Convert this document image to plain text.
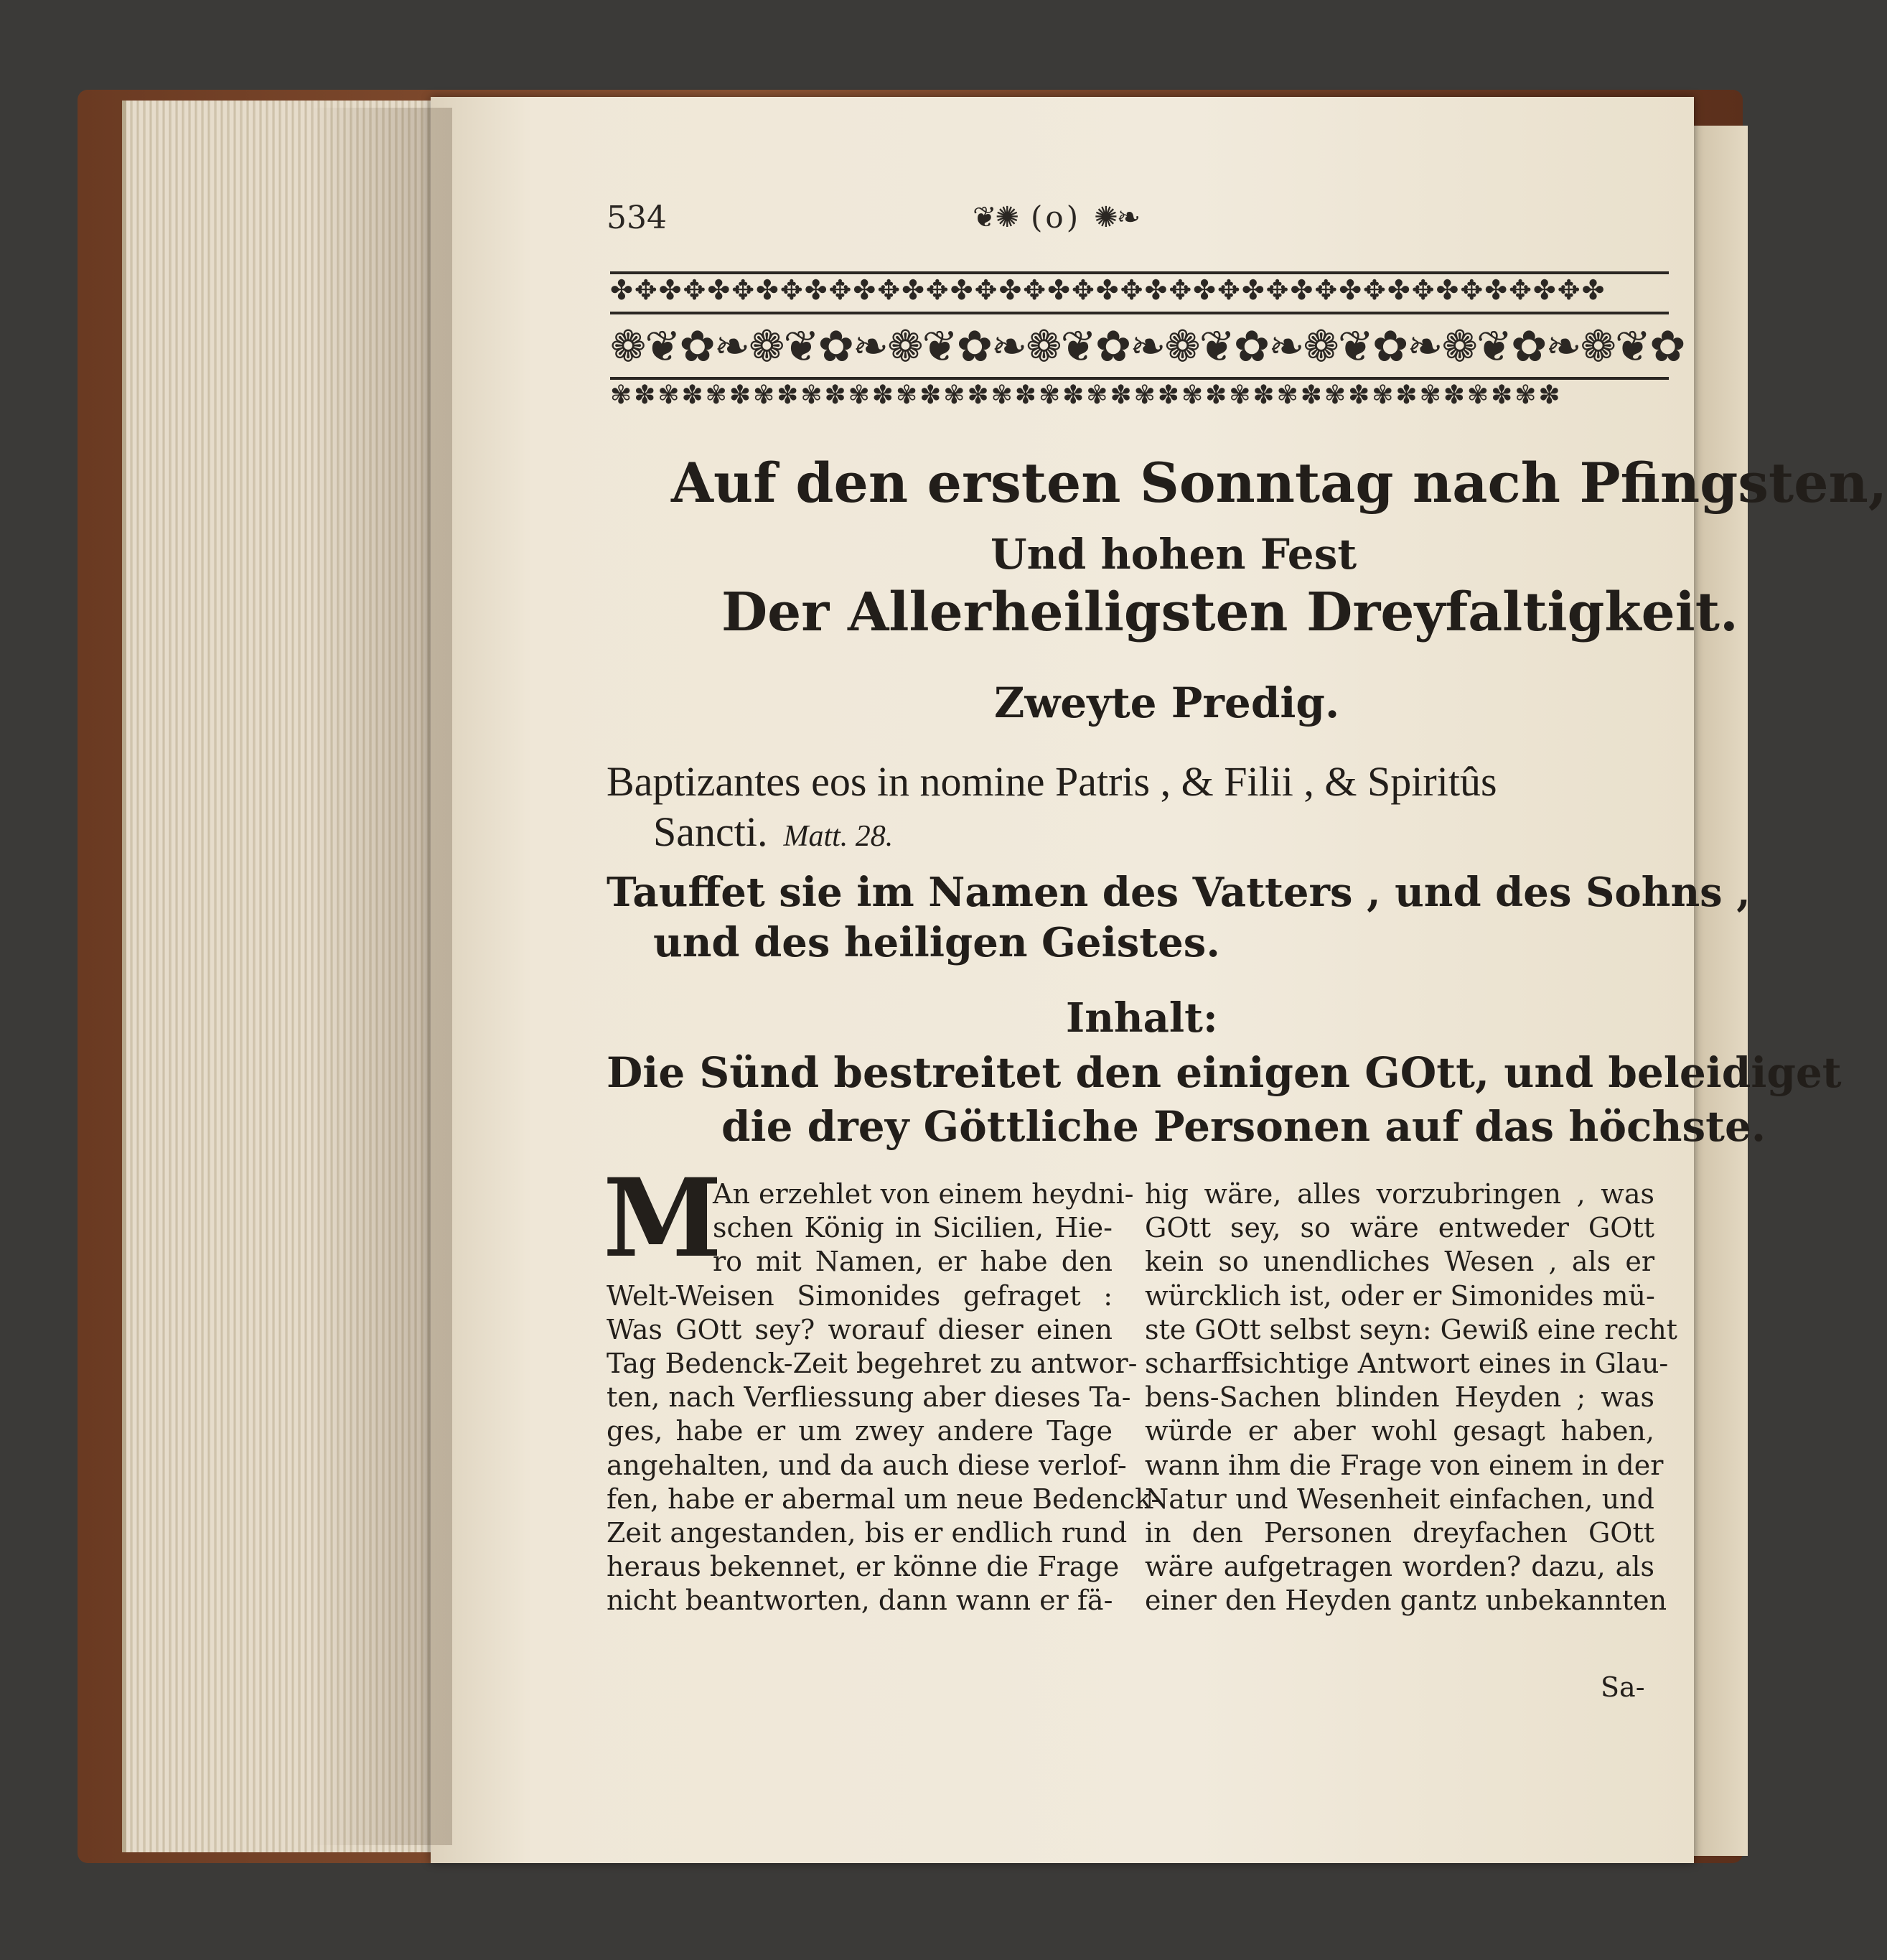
534	❦✺ (o) ✺❧
✤✥✤✥✤✥✤✥✤✥✤✥✤✥✤✥✤✥✤✥✤✥✤✥✤✥✤✥✤✥✤✥✤✥✤✥✤✥✤✥✤
❁❦✿❧❁❦✿❧❁❦✿❧❁❦✿❧❁❦✿❧❁❦✿❧❁❦✿❧❁❦✿
✾✽✾✽✾✽✾✽✾✽✾✽✾✽✾✽✾✽✾✽✾✽✾✽✾✽✾✽✾✽✾✽✾✽✾✽✾✽✾✽
Auf den ersten Sonntag nach Pfingsten,
Und hohen Fest
Der Allerheiligsten Dreyfaltigkeit.
Zweyte Predig.
Baptizantes eos in nomine Patris , & Filii , & Spiritûs
Sancti. Matt. 28.
Tauffet sie im Namen des Vatters , und des Sohns ,
und des heiligen Geistes.
Inhalt:
Die Sünd bestreitet den einigen GOtt, und beleidiget
die drey Göttliche Personen auf das höchste.
M
An erzehlet von einem heydni-
schen König in Sicilien, Hie-
ro mit Namen, er habe den
Welt-Weisen Simonides gefraget :
Was GOtt sey? worauf dieser einen
Tag Bedenck-Zeit begehret zu antwor-
ten, nach Verfliessung aber dieses Ta-
ges, habe er um zwey andere Tage
angehalten, und da auch diese verlof-
fen, habe er abermal um neue Bedenck-
Zeit angestanden, bis er endlich rund
heraus bekennet, er könne die Frage
nicht beantworten, dann wann er fä-
hig wäre, alles vorzubringen , was
GOtt sey, so wäre entweder GOtt
kein so unendliches Wesen , als er
würcklich ist, oder er Simonides mü-
ste GOtt selbst seyn: Gewiß eine recht
scharffsichtige Antwort eines in Glau-
bens-Sachen blinden Heyden ; was
würde er aber wohl gesagt haben,
wann ihm die Frage von einem in der
Natur und Wesenheit einfachen, und
in den Personen dreyfachen GOtt
wäre aufgetragen worden? dazu, als
einer den Heyden gantz unbekannten
Sa-
